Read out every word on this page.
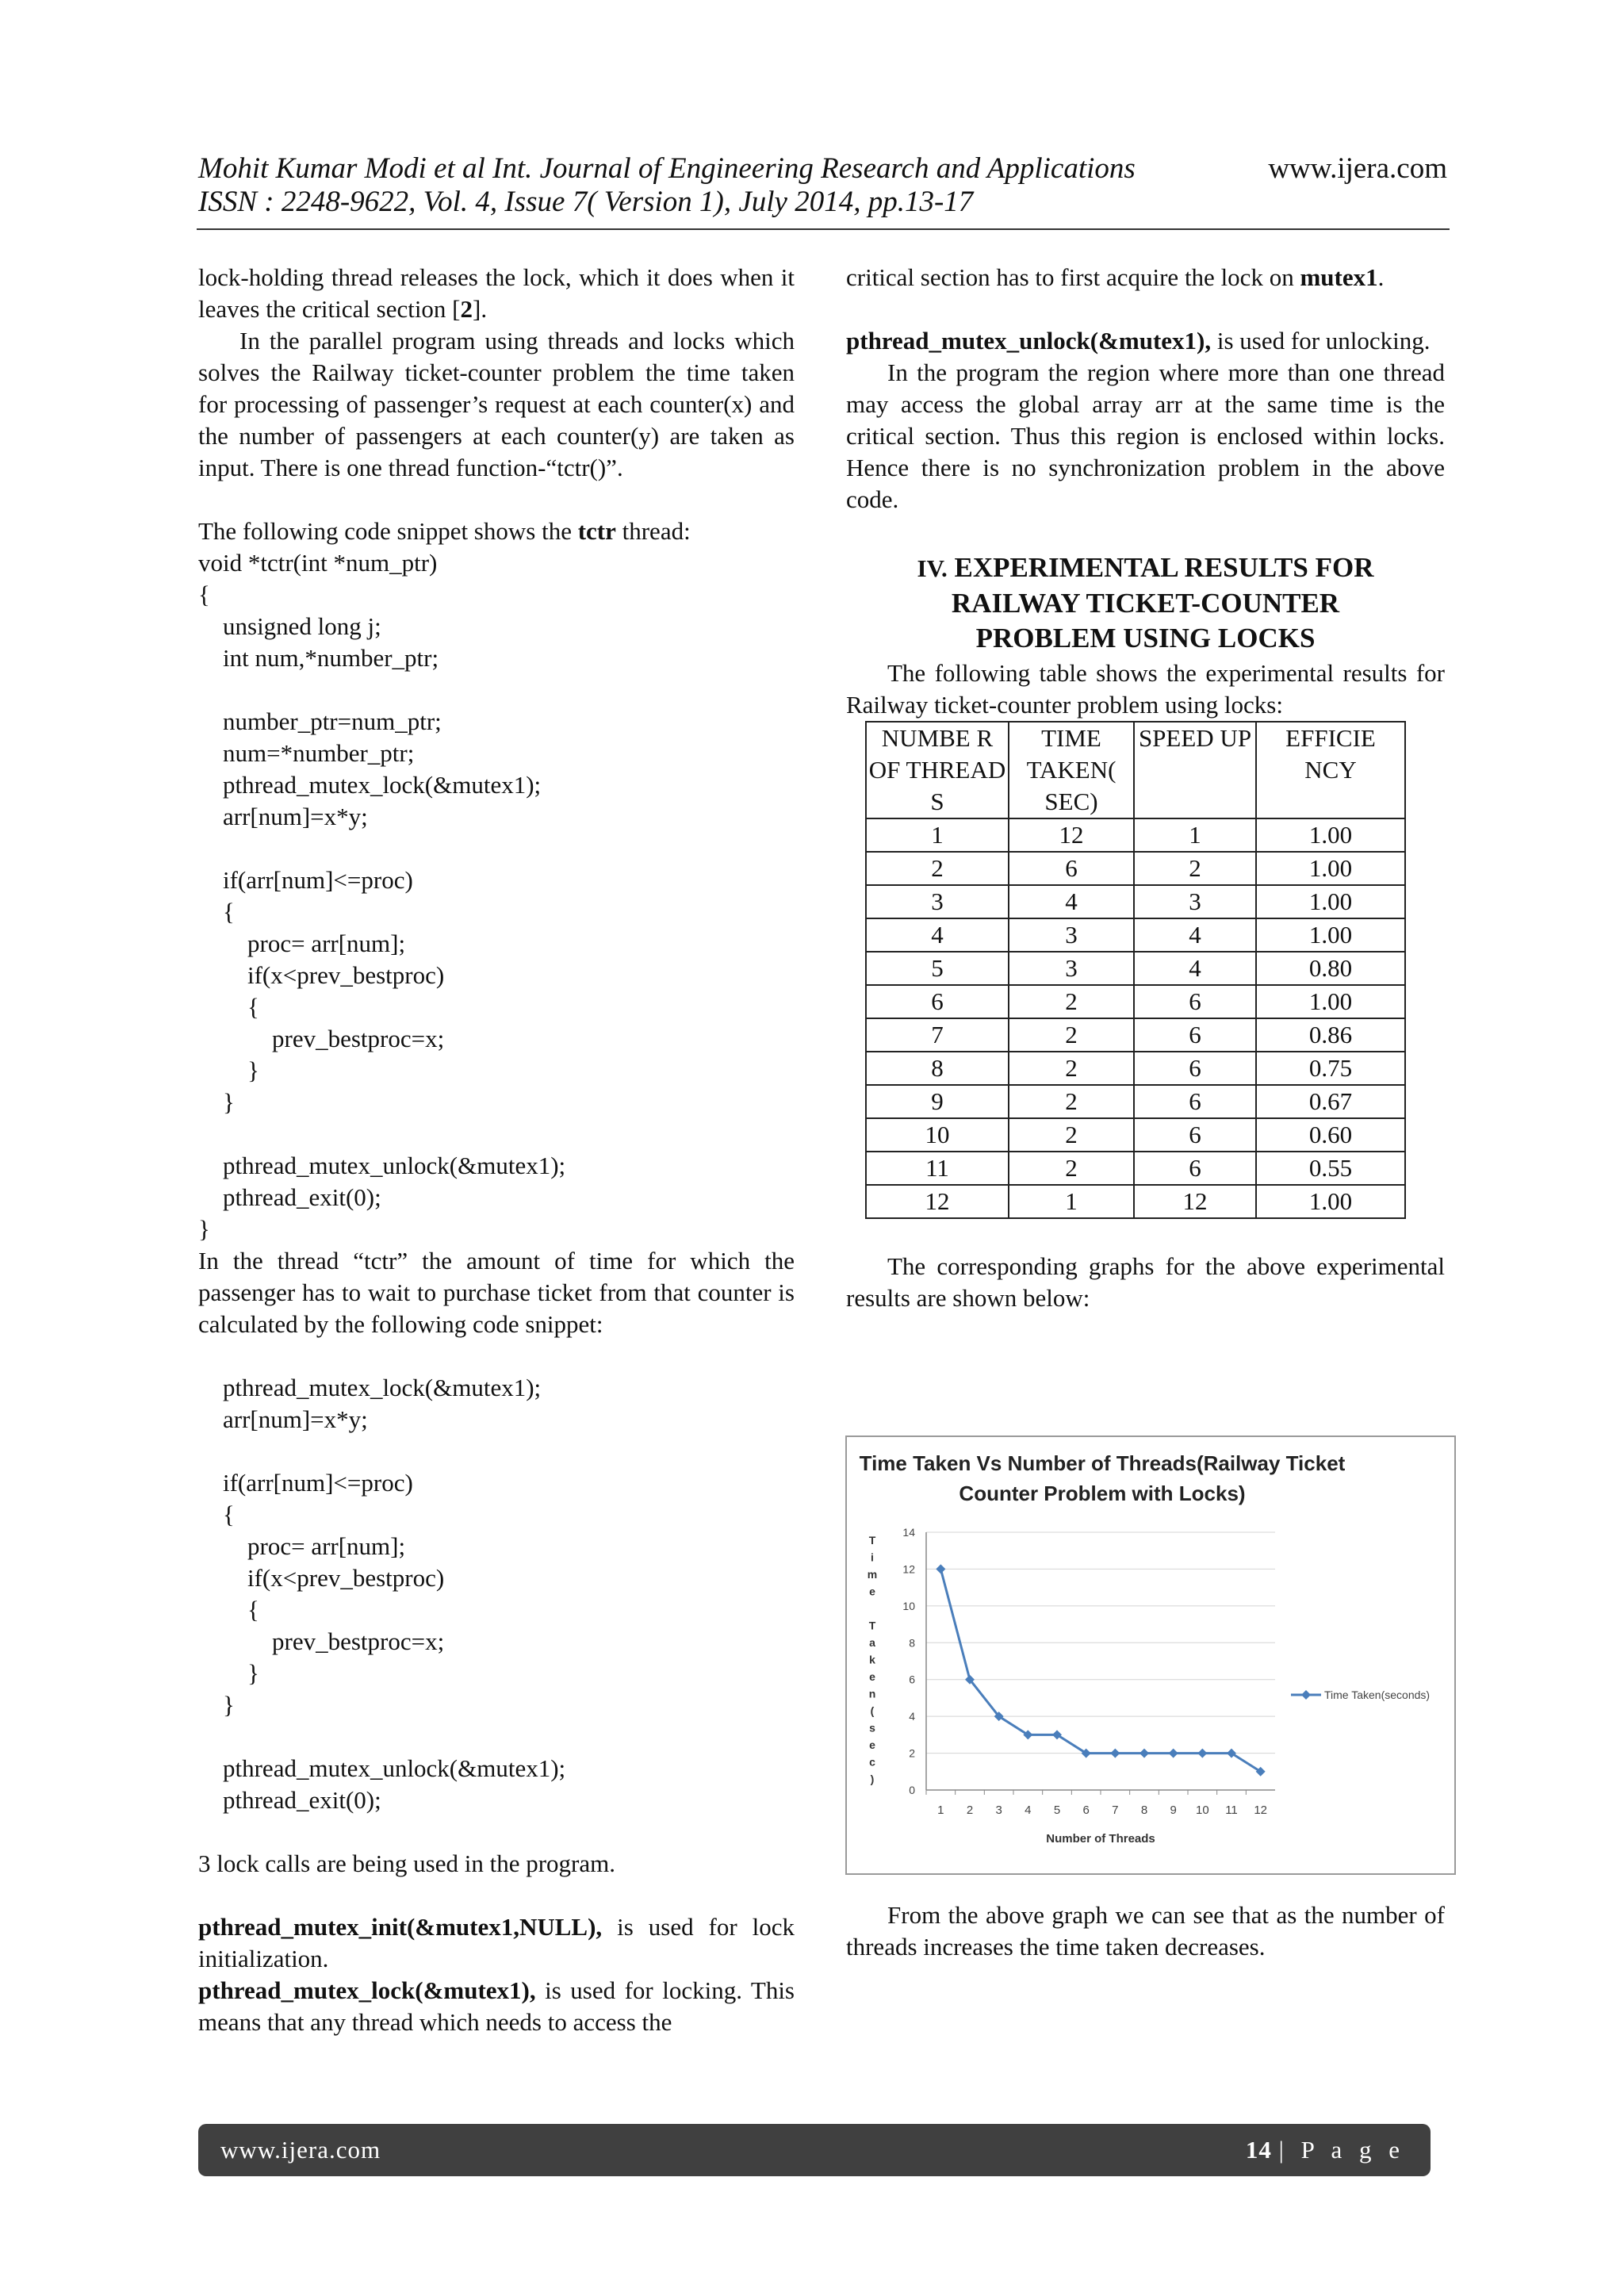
Mohit Kumar Modi et al Int. Journal of Engineering Research and Applications	www.ijera.com
ISSN : 2248-9622, Vol. 4, Issue 7( Version 1), July 2014, pp.13-17

lock-holding thread releases the lock, which it does when it leaves the critical section [2].

In the parallel program using threads and locks which solves the Railway ticket-counter problem the time taken for processing of passenger’s request at each counter(x) and the number of passengers at each counter(y) are taken as input. There is one thread function-“tctr()”.

The following code snippet shows the tctr thread:

void *tctr(int *num_ptr)
{
unsigned long j;
int num,*number_ptr;

number_ptr=num_ptr;
num=*number_ptr;
pthread_mutex_lock(&mutex1);
arr[num]=x*y;

if(arr[num]<=proc)
{
proc= arr[num];
if(x<prev_bestproc)
{
prev_bestproc=x;
}
}

pthread_mutex_unlock(&mutex1);
pthread_exit(0);
}

In the thread “tctr” the amount of time for which the passenger has to wait to purchase ticket from that counter is calculated by the following code snippet:

pthread_mutex_lock(&mutex1);
arr[num]=x*y;

if(arr[num]<=proc)
{
proc= arr[num];
if(x<prev_bestproc)
{
prev_bestproc=x;
}
}

pthread_mutex_unlock(&mutex1);
pthread_exit(0);

3 lock calls are being used in the program.

pthread_mutex_init(&mutex1,NULL), is used for lock initialization.

pthread_mutex_lock(&mutex1), is used for locking. This means that any thread which needs to access the

critical section has to first acquire the lock on mutex1.

pthread_mutex_unlock(&mutex1), is used for unlocking.

In the program the region where more than one thread may access the global array arr at the same time is the critical section. Thus this region is enclosed within locks. Hence there is no synchronization problem in the above code.

IV. EXPERIMENTAL RESULTS FOR RAILWAY TICKET-COUNTER PROBLEM USING LOCKS

The following table shows the experimental results for Railway ticket-counter problem using locks:

NUMBE R OF THREAD S	TIME TAKEN( SEC)	SPEED UP	EFFICIE NCY
1	12	1	1.00
2	6	2	1.00
3	4	3	1.00
4	3	4	1.00
5	3	4	0.80
6	2	6	1.00
7	2	6	0.86
8	2	6	0.75
9	2	6	0.67
10	2	6	0.60
11	2	6	0.55
12	1	12	1.00

The corresponding graphs for the above experimental results are shown below:

Time Taken Vs Number of Threads(Railway Ticket
Counter Problem with Locks)
0
2
4
6
8
10
12
14
1 2 3 4 5 6 7 8 9 10 11 12
Number of Threads
T
i
m
e
T
a
k
e
n
(
s
e
c
)
Time Taken(seconds)

From the above graph we can see that as the number of threads increases the time taken decreases.

www.ijera.com	14 | P a g e
